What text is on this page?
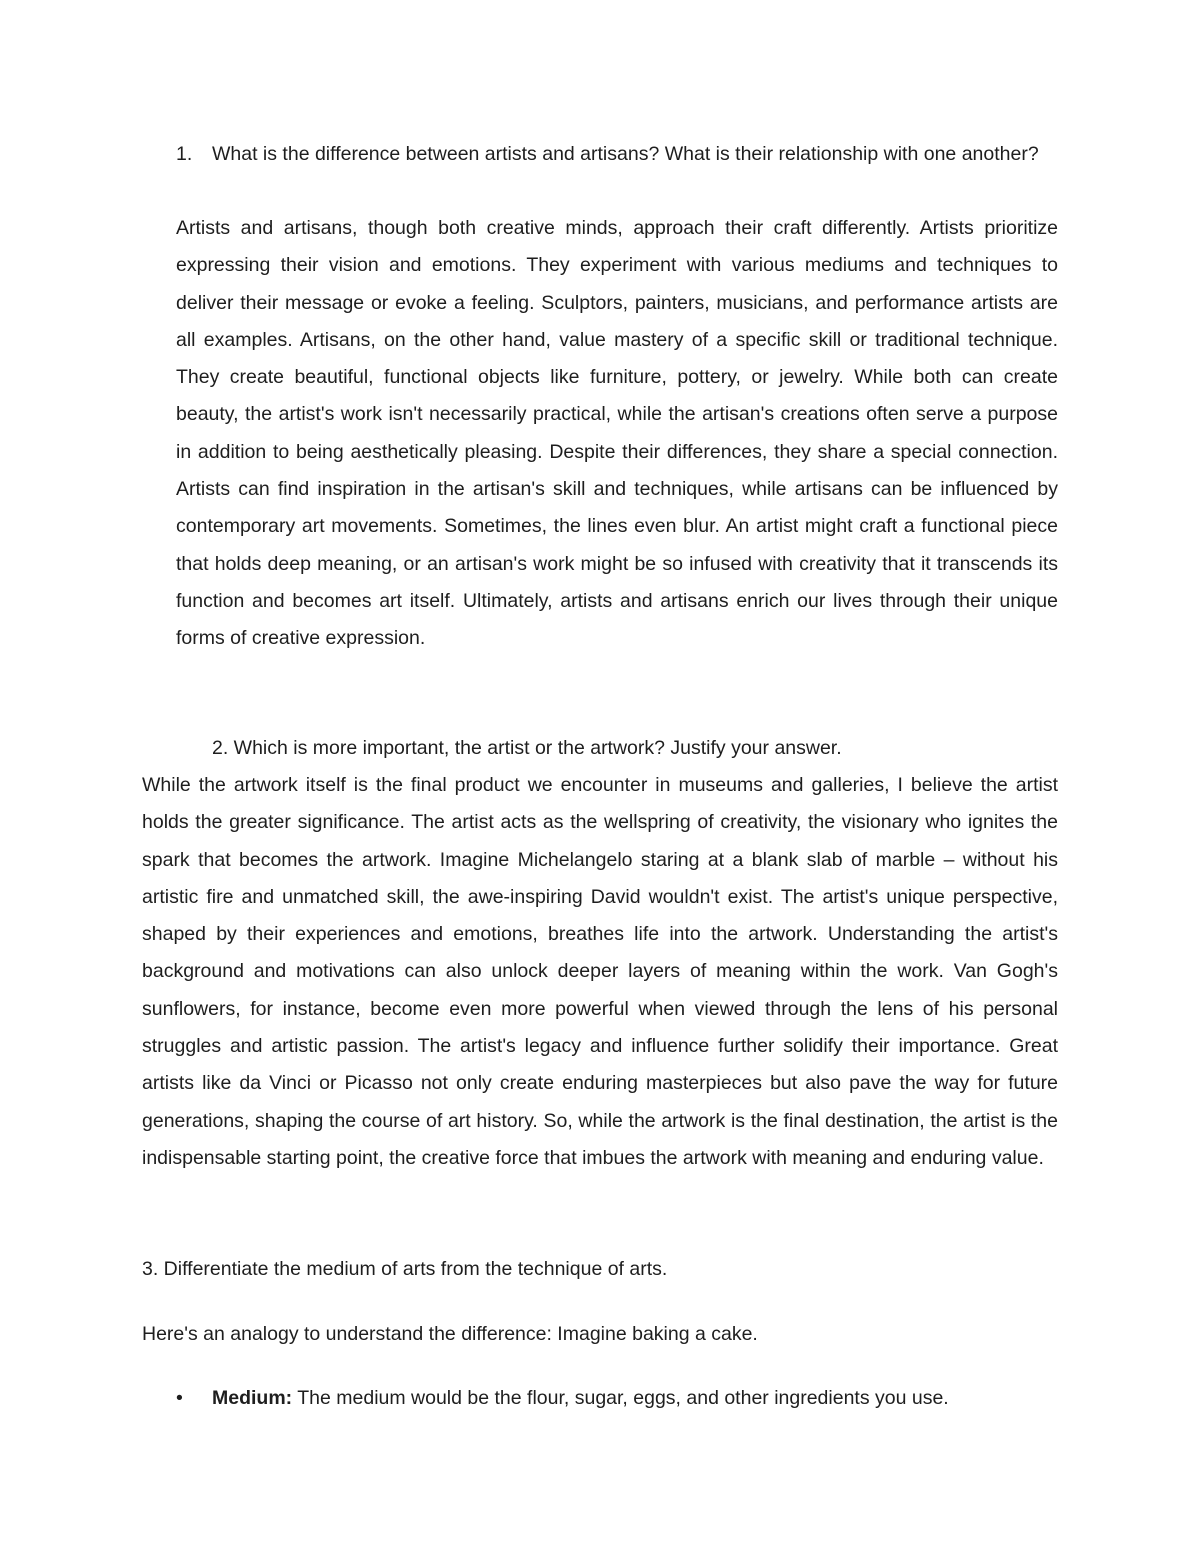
1. What is the difference between artists and artisans? What is their relationship with one another?

Artists and artisans, though both creative minds, approach their craft differently. Artists prioritize expressing their vision and emotions. They experiment with various mediums and techniques to deliver their message or evoke a feeling. Sculptors, painters, musicians, and performance artists are all examples. Artisans, on the other hand, value mastery of a specific skill or traditional technique. They create beautiful, functional objects like furniture, pottery, or jewelry. While both can create beauty, the artist's work isn't necessarily practical, while the artisan's creations often serve a purpose in addition to being aesthetically pleasing. Despite their differences, they share a special connection. Artists can find inspiration in the artisan's skill and techniques, while artisans can be influenced by contemporary art movements. Sometimes, the lines even blur. An artist might craft a functional piece that holds deep meaning, or an artisan's work might be so infused with creativity that it transcends its function and becomes art itself. Ultimately, artists and artisans enrich our lives through their unique forms of creative expression.

2. Which is more important, the artist or the artwork? Justify your answer.

While the artwork itself is the final product we encounter in museums and galleries, I believe the artist holds the greater significance. The artist acts as the wellspring of creativity, the visionary who ignites the spark that becomes the artwork. Imagine Michelangelo staring at a blank slab of marble – without his artistic fire and unmatched skill, the awe-inspiring David wouldn't exist. The artist's unique perspective, shaped by their experiences and emotions, breathes life into the artwork. Understanding the artist's background and motivations can also unlock deeper layers of meaning within the work. Van Gogh's sunflowers, for instance, become even more powerful when viewed through the lens of his personal struggles and artistic passion. The artist's legacy and influence further solidify their importance. Great artists like da Vinci or Picasso not only create enduring masterpieces but also pave the way for future generations, shaping the course of art history. So, while the artwork is the final destination, the artist is the indispensable starting point, the creative force that imbues the artwork with meaning and enduring value.

3. Differentiate the medium of arts from the technique of arts.

Here's an analogy to understand the difference: Imagine baking a cake.

•	Medium: The medium would be the flour, sugar, eggs, and other ingredients you use.
